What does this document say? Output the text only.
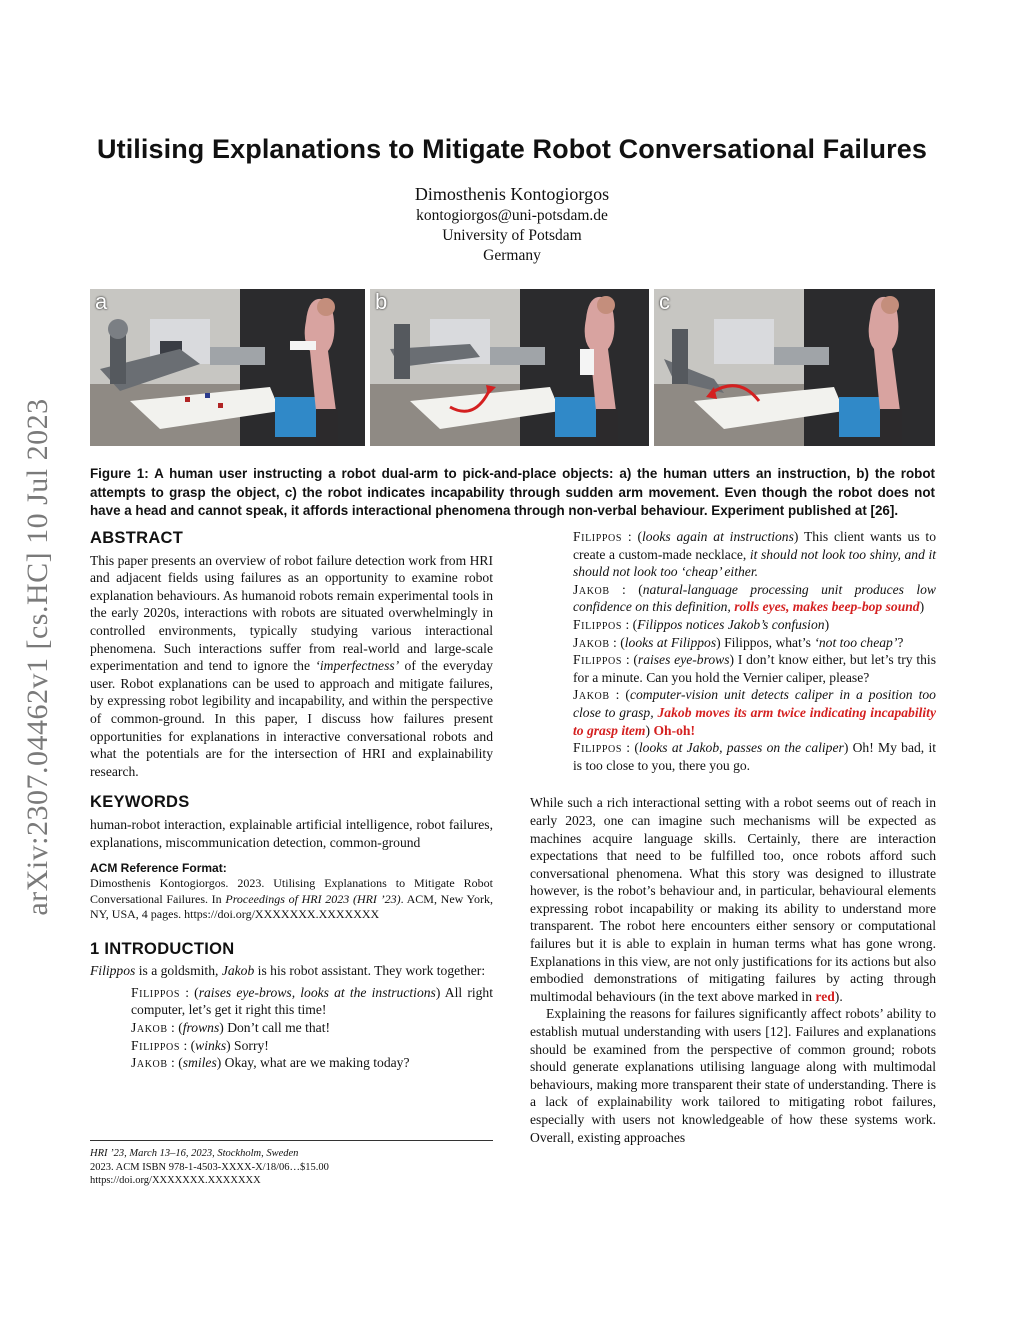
arXiv:2307.04462v1 [cs.HC] 10 Jul 2023
Utilising Explanations to Mitigate Robot Conversational Failures
Dimosthenis Kontogiorgos
kontogiorgos@uni-potsdam.de
University of Potsdam
Germany
a	b	c
Figure 1: A human user instructing a robot dual-arm to pick-and-place objects: a) the human utters an instruction, b) the robot attempts to grasp the object, c) the robot indicates incapability through sudden arm movement. Even though the robot does not have a head and cannot speak, it affords interactional phenomena through non-verbal behaviour. Experiment published at [26].
ABSTRACT

This paper presents an overview of robot failure detection work from HRI and adjacent fields using failures as an opportunity to examine robot explanation behaviours. As humanoid robots remain experimental tools in the early 2020s, interactions with robots are situated overwhelmingly in controlled environments, typically studying various interactional phenomena. Such interactions suffer from real-world and large-scale experimentation and tend to ignore the ‘imperfectness’ of the everyday user. Robot explanations can be used to approach and mitigate failures, by expressing robot legibility and incapability, and within the perspective of common-ground. In this paper, I discuss how failures present opportunities for explanations in interactive conversational robots and what the potentials are for the intersection of HRI and explainability research.

KEYWORDS

human-robot interaction, explainable artificial intelligence, robot failures, explanations, miscommunication detection, common-ground

ACM Reference Format:

Dimosthenis Kontogiorgos. 2023. Utilising Explanations to Mitigate Robot Conversational Failures. In Proceedings of HRI 2023 (HRI ’23). ACM, New York, NY, USA, 4 pages. https://doi.org/XXXXXXX.XXXXXXX

1 INTRODUCTION

Filippos is a goldsmith, Jakob is his robot assistant. They work together:

Filippos : (raises eye-brows, looks at the instructions) All right computer, let’s get it right this time!

Jakob : (frowns) Don’t call me that!

Filippos : (winks) Sorry!

Jakob : (smiles) Okay, what are we making today?

HRI ’23, March 13–16, 2023, Stockholm, Sweden
2023. ACM ISBN 978-1-4503-XXXX-X/18/06…$15.00
https://doi.org/XXXXXXX.XXXXXXX

Filippos : (looks again at instructions) This client wants us to create a custom-made necklace, it should not look too shiny, and it should not look too ‘cheap’ either.

Jakob : (natural-language processing unit produces low confidence on this definition, rolls eyes, makes beep-bop sound)

Filippos : (Filippos notices Jakob’s confusion)

Jakob : (looks at Filippos) Filippos, what’s ‘not too cheap’?

Filippos : (raises eye-brows) I don’t know either, but let’s try this for a minute. Can you hold the Vernier caliper, please?

Jakob : (computer-vision unit detects caliper in a position too close to grasp, Jakob moves its arm twice indicating incapability to grasp item) Oh-oh!

Filippos : (looks at Jakob, passes on the caliper) Oh! My bad, it is too close to you, there you go.

While such a rich interactional setting with a robot seems out of reach in early 2023, one can imagine such mechanisms will be expected as machines acquire language skills. Certainly, there are interaction expectations that need to be fulfilled too, once robots afford such conversational phenomena. What this story was designed to illustrate however, is the robot’s behaviour and, in particular, behavioural elements expressing robot incapability or making its ability to understand more transparent. The robot here encounters either sensory or computational failures but it is able to explain in human terms what has gone wrong. Explanations in this view, are not only justifications for its actions but also embodied demonstrations of mitigating failures by acting through multimodal behaviours (in the text above marked in red).

Explaining the reasons for failures significantly affect robots’ ability to establish mutual understanding with users [12]. Failures and explanations should be examined from the perspective of common ground; robots should generate explanations utilising language along with multimodal behaviours, making more transparent their state of understanding. There is a lack of explainability work tailored to mitigating robot failures, especially with users not knowledgeable of how these systems work. Overall, existing approaches
